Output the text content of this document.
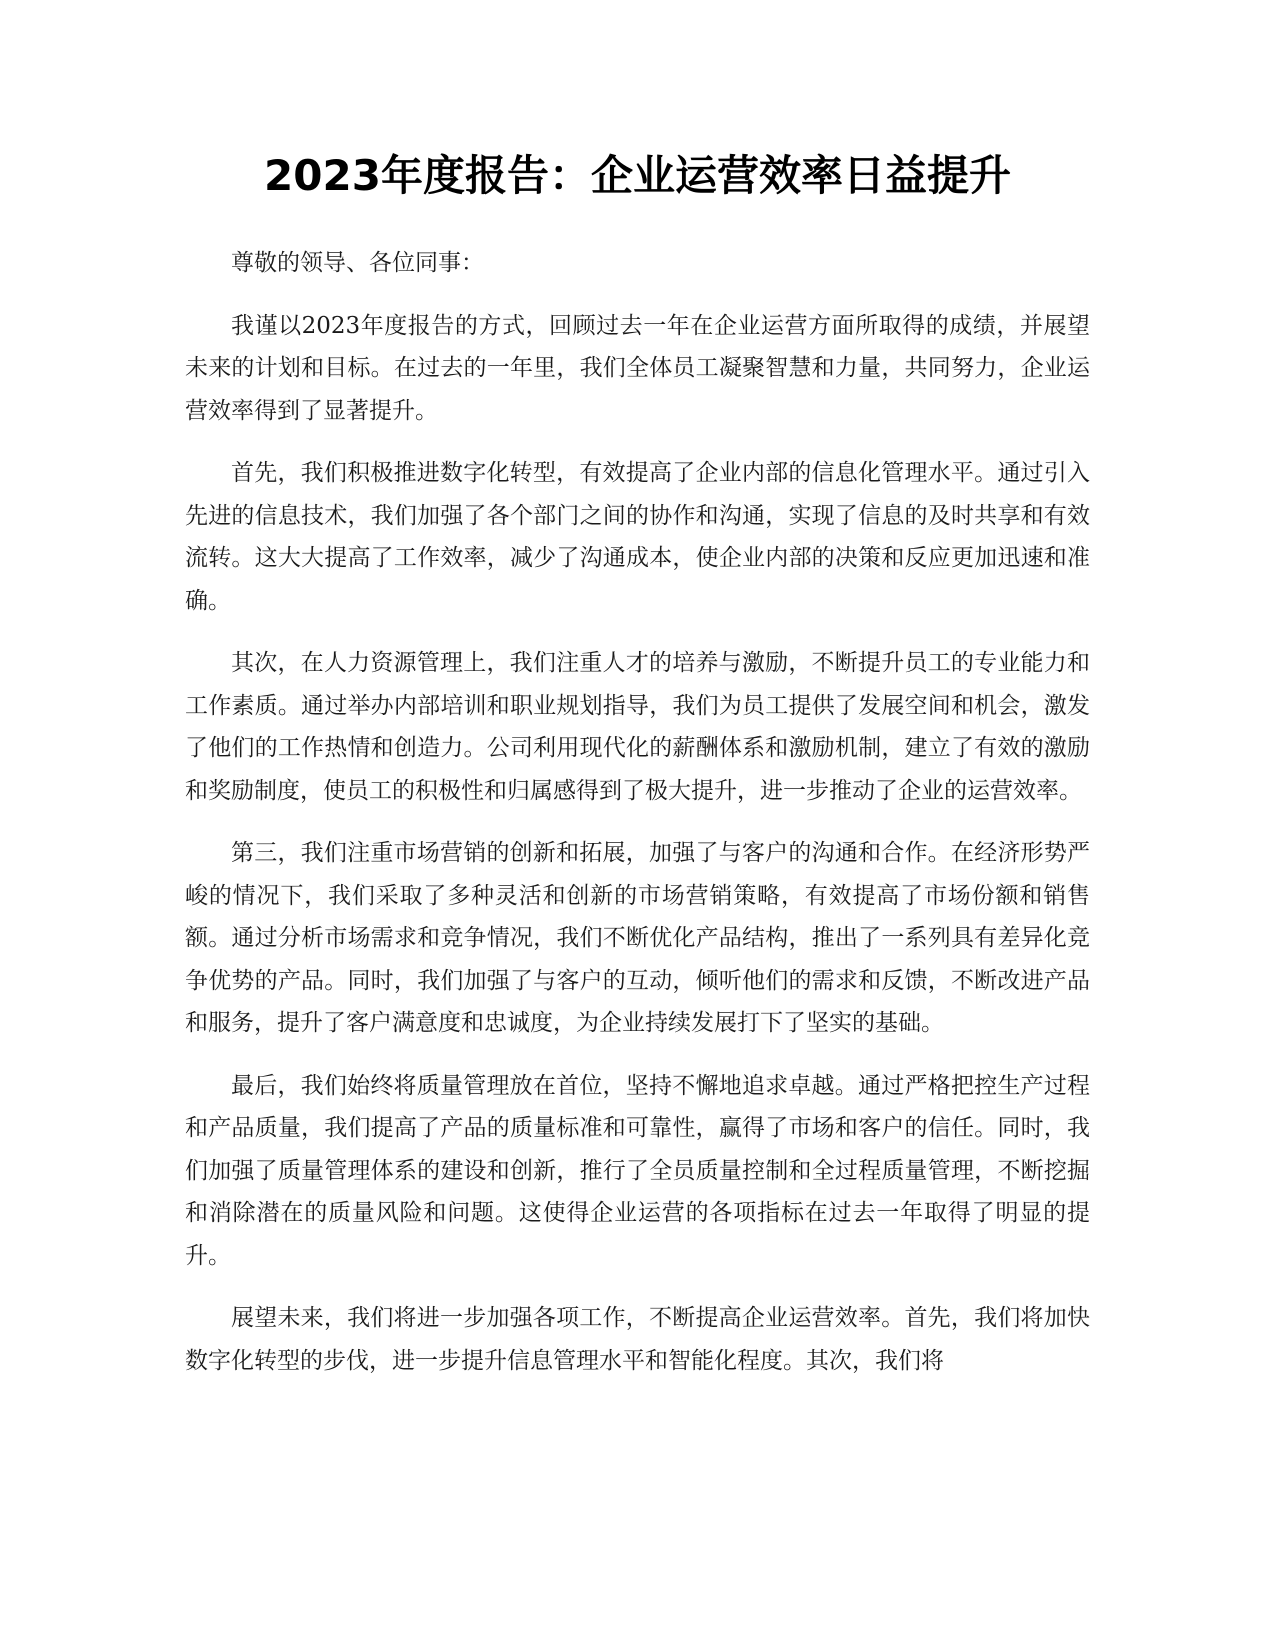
2023年度报告：企业运营效率日益提升

尊敬的领导、各位同事：

我谨以2023年度报告的方式，回顾过去一年在企业运营方面所取得的成绩，并展望未来的计划和目标。在过去的一年里，我们全体员工凝聚智慧和力量，共同努力，企业运营效率得到了显著提升。

首先，我们积极推进数字化转型，有效提高了企业内部的信息化管理水平。通过引入先进的信息技术，我们加强了各个部门之间的协作和沟通，实现了信息的及时共享和有效流转。这大大提高了工作效率，减少了沟通成本，使企业内部的决策和反应更加迅速和准确。

其次，在人力资源管理上，我们注重人才的培养与激励，不断提升员工的专业能力和工作素质。通过举办内部培训和职业规划指导，我们为员工提供了发展空间和机会，激发了他们的工作热情和创造力。公司利用现代化的薪酬体系和激励机制，建立了有效的激励和奖励制度，使员工的积极性和归属感得到了极大提升，进一步推动了企业的运营效率。

第三，我们注重市场营销的创新和拓展，加强了与客户的沟通和合作。在经济形势严峻的情况下，我们采取了多种灵活和创新的市场营销策略，有效提高了市场份额和销售额。通过分析市场需求和竞争情况，我们不断优化产品结构，推出了一系列具有差异化竞争优势的产品。同时，我们加强了与客户的互动，倾听他们的需求和反馈，不断改进产品和服务，提升了客户满意度和忠诚度，为企业持续发展打下了坚实的基础。

最后，我们始终将质量管理放在首位，坚持不懈地追求卓越。通过严格把控生产过程和产品质量，我们提高了产品的质量标准和可靠性，赢得了市场和客户的信任。同时，我们加强了质量管理体系的建设和创新，推行了全员质量控制和全过程质量管理，不断挖掘和消除潜在的质量风险和问题。这使得企业运营的各项指标在过去一年取得了明显的提升。

展望未来，我们将进一步加强各项工作，不断提高企业运营效率。首先，我们将加快数字化转型的步伐，进一步提升信息管理水平和智能化程度。其次，我们将
